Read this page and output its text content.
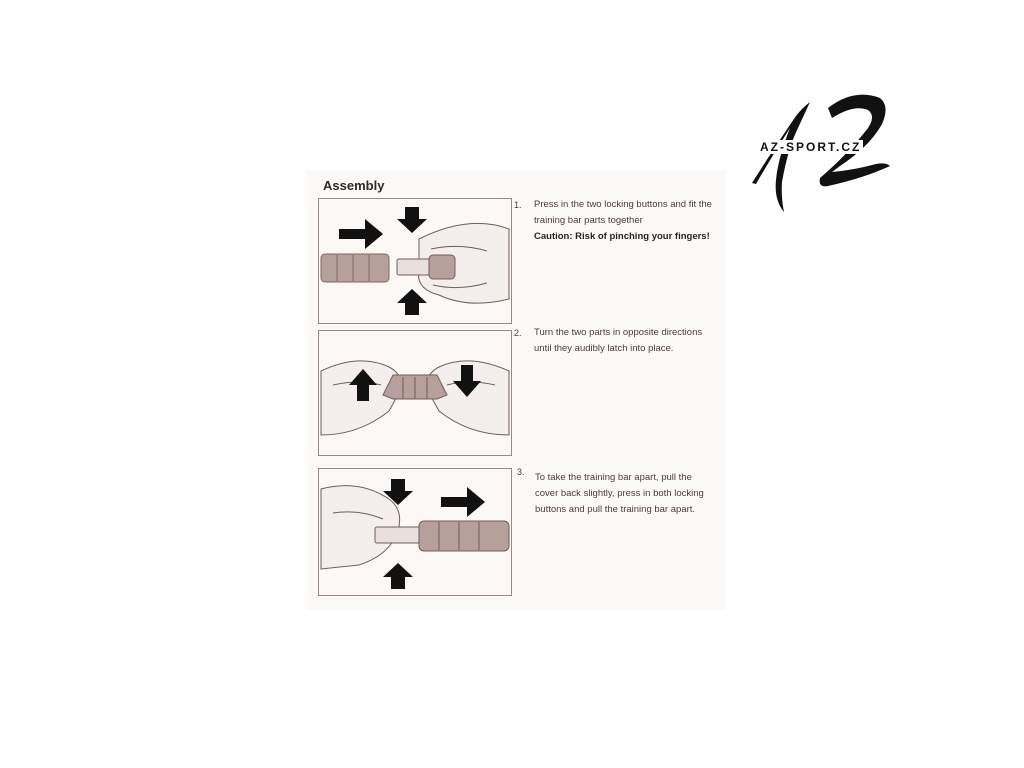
Assembly
1. Press in the two locking buttons and fit the training bar parts together
Caution: Risk of pinching your fingers!
2. Turn the two parts in opposite directions until they audibly latch into place.
3. To take the training bar apart, pull the cover back slightly, press in both locking buttons and pull the training bar apart.
AZ-SPORT.CZ
